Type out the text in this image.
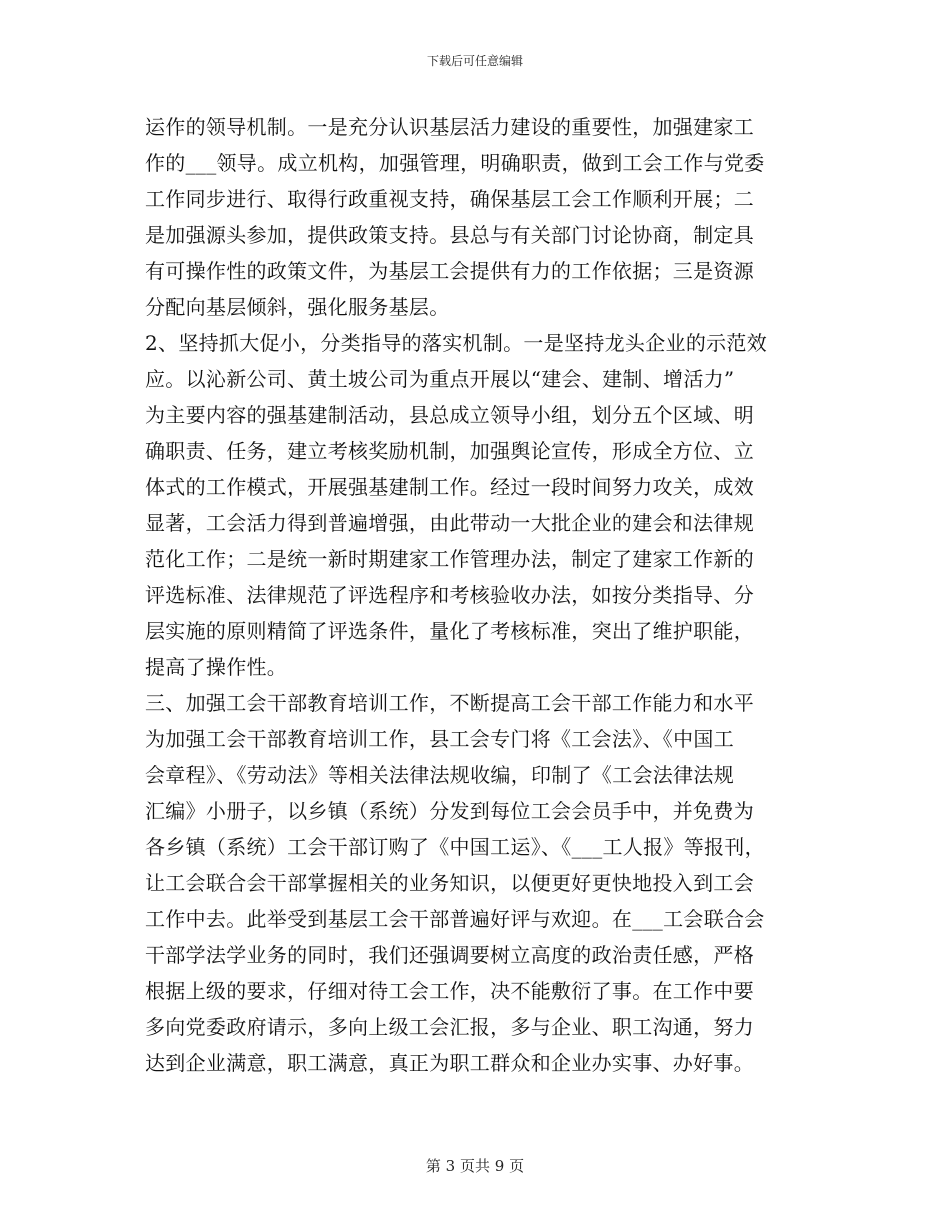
下载后可任意编辑
运作的领导机制。一是充分认识基层活力建设的重要性，加强建家工
作的___领导。成立机构，加强管理，明确职责，做到工会工作与党委
工作同步进行、取得行政重视支持，确保基层工会工作顺利开展；二
是加强源头参加，提供政策支持。县总与有关部门讨论协商，制定具
有可操作性的政策文件，为基层工会提供有力的工作依据；三是资源
分配向基层倾斜，强化服务基层。
2、坚持抓大促小，分类指导的落实机制。一是坚持龙头企业的示范效
应。以沁新公司、黄土坡公司为重点开展以“建会、建制、增活力”
为主要内容的强基建制活动，县总成立领导小组，划分五个区域、明
确职责、任务，建立考核奖励机制，加强舆论宣传，形成全方位、立
体式的工作模式，开展强基建制工作。经过一段时间努力攻关，成效
显著，工会活力得到普遍增强，由此带动一大批企业的建会和法律规
范化工作；二是统一新时期建家工作管理办法，制定了建家工作新的
评选标准、法律规范了评选程序和考核验收办法，如按分类指导、分
层实施的原则精简了评选条件，量化了考核标准，突出了维护职能，
提高了操作性。
三、加强工会干部教育培训工作，不断提高工会干部工作能力和水平
为加强工会干部教育培训工作，县工会专门将《工会法》、《中国工
会章程》、《劳动法》等相关法律法规收编，印制了《工会法律法规
汇编》小册子，以乡镇（系统）分发到每位工会会员手中，并免费为
各乡镇（系统）工会干部订购了《中国工运》、《___工人报》等报刊，
让工会联合会干部掌握相关的业务知识，以便更好更快地投入到工会
工作中去。此举受到基层工会干部普遍好评与欢迎。在___工会联合会
干部学法学业务的同时，我们还强调要树立高度的政治责任感，严格
根据上级的要求，仔细对待工会工作，决不能敷衍了事。在工作中要
多向党委政府请示，多向上级工会汇报，多与企业、职工沟通，努力
达到企业满意，职工满意，真正为职工群众和企业办实事、办好事。
第 3 页共 9 页
